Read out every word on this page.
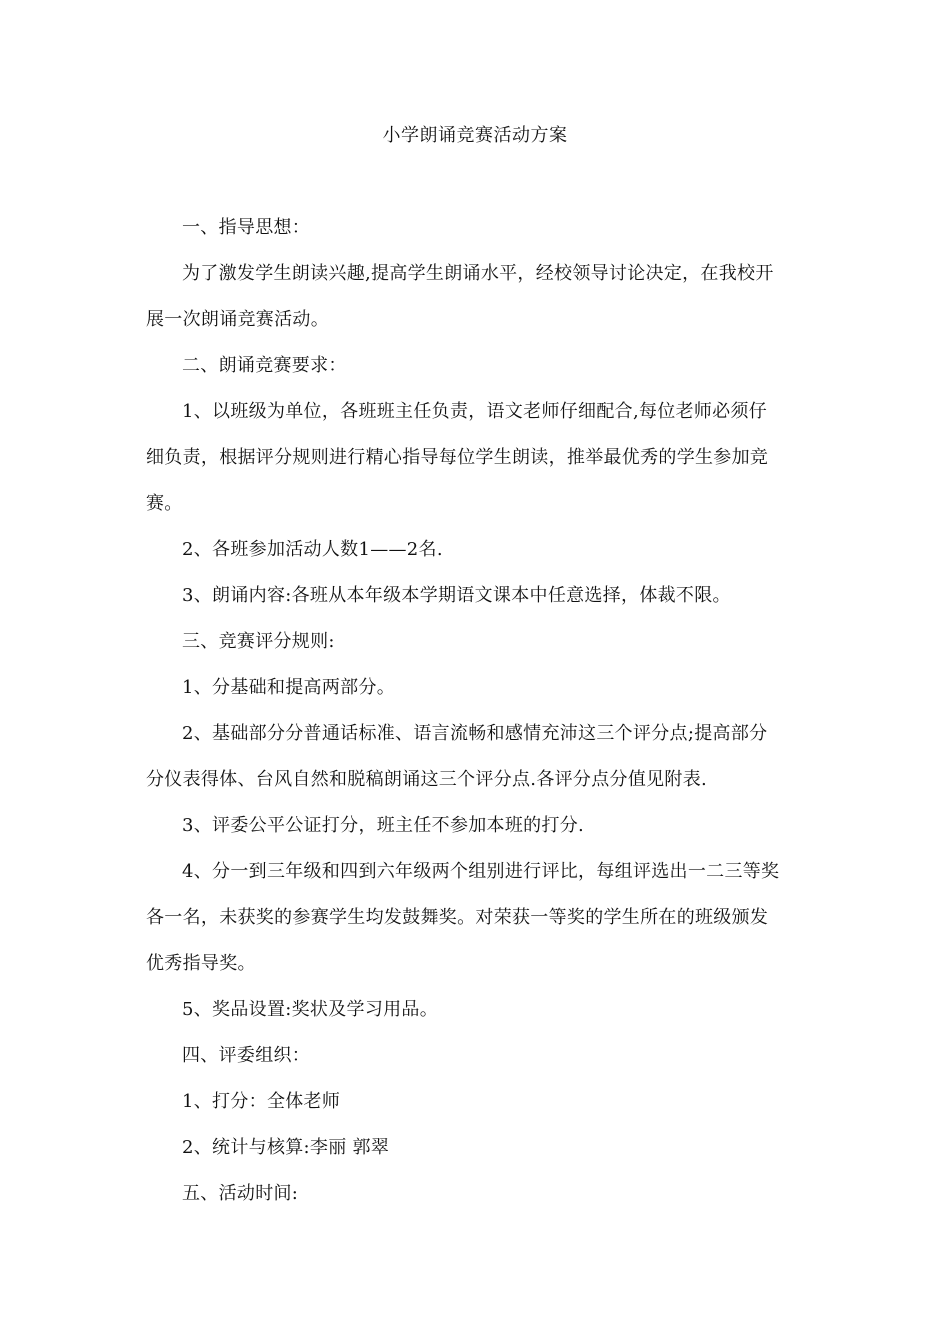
小学朗诵竞赛活动方案
一、指导思想：
为了激发学生朗读兴趣,提高学生朗诵水平，经校领导讨论决定，在我校开
展一次朗诵竞赛活动。
二、朗诵竞赛要求：
1、以班级为单位，各班班主任负责，语文老师仔细配合,每位老师必须仔
细负责，根据评分规则进行精心指导每位学生朗读，推举最优秀的学生参加竞
赛。
2、各班参加活动人数1——2名.
3、朗诵内容:各班从本年级本学期语文课本中任意选择，体裁不限。
三、竞赛评分规则:
1、分基础和提高两部分。
2、基础部分分普通话标准、语言流畅和感情充沛这三个评分点;提高部分
分仪表得体、台风自然和脱稿朗诵这三个评分点.各评分点分值见附表.
3、评委公平公证打分，班主任不参加本班的打分.
4、分一到三年级和四到六年级两个组别进行评比，每组评选出一二三等奖
各一名，未获奖的参赛学生均发鼓舞奖。对荣获一等奖的学生所在的班级颁发
优秀指导奖。
5、奖品设置:奖状及学习用品。
四、评委组织：
1、打分：全体老师
2、统计与核算:李丽 郭翠
五、活动时间:
